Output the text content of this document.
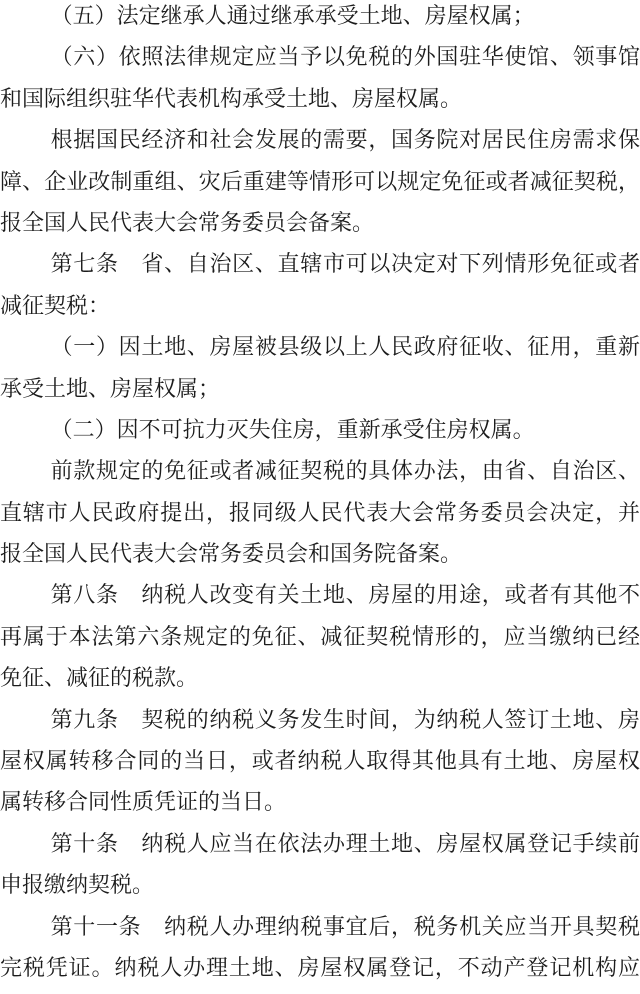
（五）法定继承人通过继承承受土地、房屋权属；
（六）依照法律规定应当予以免税的外国驻华使馆、领事馆
和国际组织驻华代表机构承受土地、房屋权属。
根据国民经济和社会发展的需要，国务院对居民住房需求保
障、企业改制重组、灾后重建等情形可以规定免征或者减征契税，
报全国人民代表大会常务委员会备案。
第七条　省、自治区、直辖市可以决定对下列情形免征或者
减征契税：
（一）因土地、房屋被县级以上人民政府征收、征用，重新
承受土地、房屋权属；
（二）因不可抗力灭失住房，重新承受住房权属。
前款规定的免征或者减征契税的具体办法，由省、自治区、
直辖市人民政府提出，报同级人民代表大会常务委员会决定，并
报全国人民代表大会常务委员会和国务院备案。
第八条　纳税人改变有关土地、房屋的用途，或者有其他不
再属于本法第六条规定的免征、减征契税情形的，应当缴纳已经
免征、减征的税款。
第九条　契税的纳税义务发生时间，为纳税人签订土地、房
屋权属转移合同的当日，或者纳税人取得其他具有土地、房屋权
属转移合同性质凭证的当日。
第十条　纳税人应当在依法办理土地、房屋权属登记手续前
申报缴纳契税。
第十一条　纳税人办理纳税事宜后，税务机关应当开具契税
完税凭证。纳税人办理土地、房屋权属登记，不动产登记机构应
